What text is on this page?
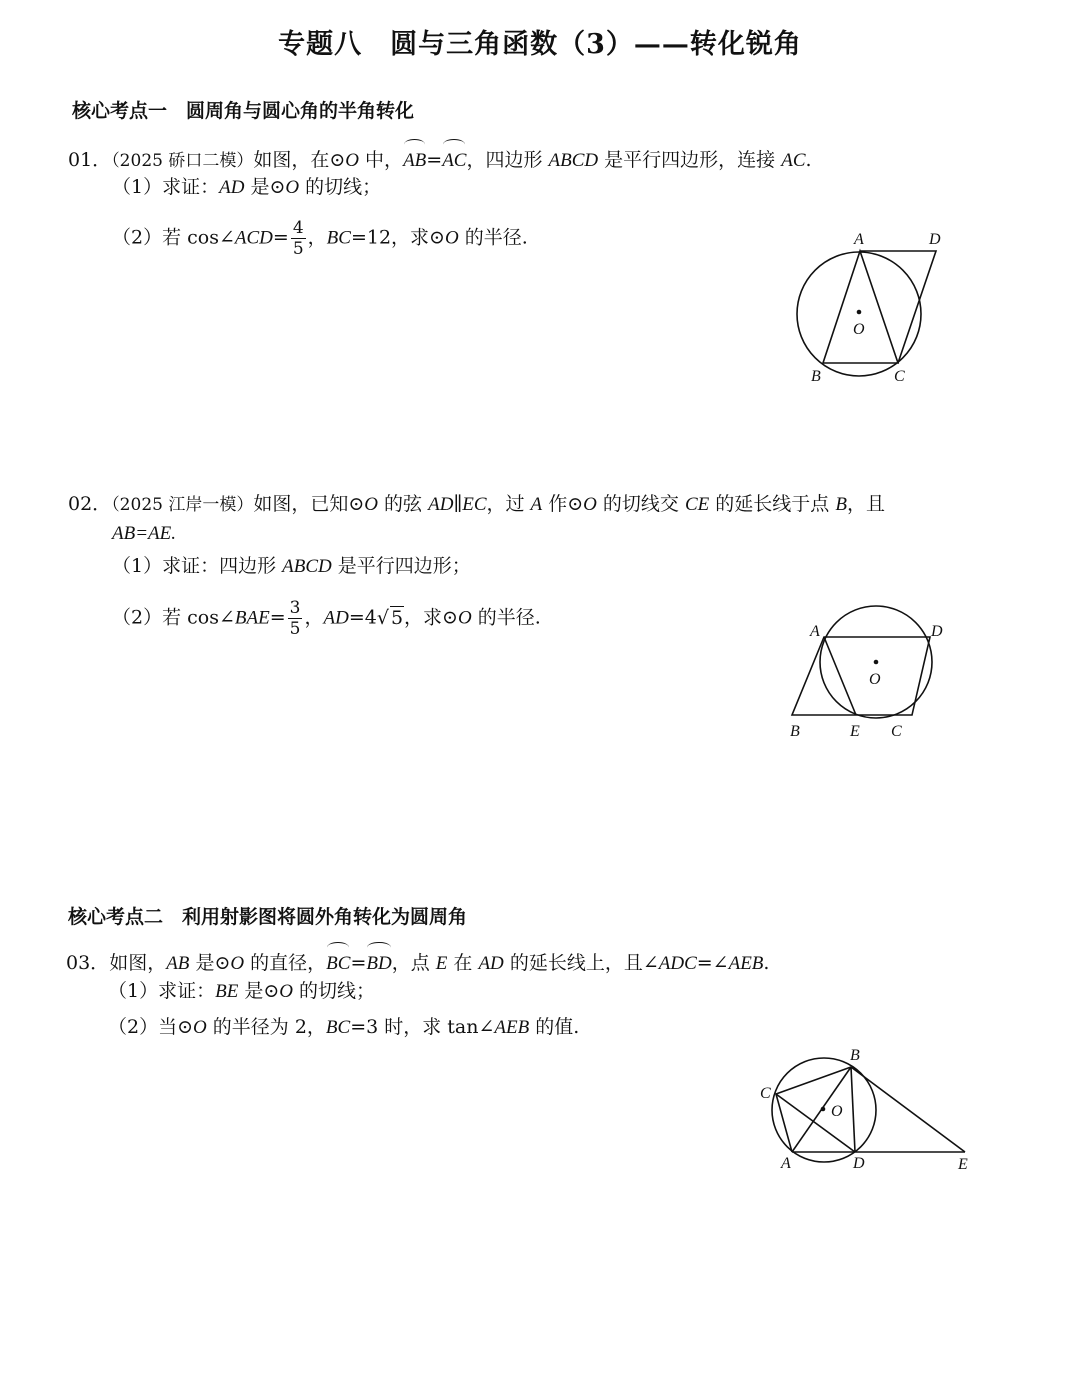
专题八　圆与三角函数（3）——转化锐角
核心考点一　圆周角与圆心角的半角转化
01．（2025 硚口二模）如图，在⊙O 中，AB=AC，四边形 ABCD 是平行四边形，连接 AC.
（1）求证：AD 是⊙O 的切线；
（2）若 cos∠ACD= $\frac{4}{5}$ ，BC=12，求⊙O 的半径.	A	D
O
B	C
02．（2025 江岸一模）如图，已知⊙O 的弦 AD∥EC，过 A 作⊙O 的切线交 CE 的延长线于点 B，且
AB=AE.
（1）求证：四边形 ABCD 是平行四边形；
（2）若 cos∠BAE= $\frac{3}{5}$ ，AD=4√ 5，求⊙O 的半径.
A	D
O
B	E C
核心考点二　利用射影图将圆外角转化为圆周角
03．如图，AB 是⊙O 的直径，BC=BD，点 E 在 AD 的延长线上，且∠ADC=∠AEB.
（1）求证：BE 是⊙O 的切线；
（2）当⊙O 的半径为 2，BC=3 时，求 tan∠AEB 的值.
B
C
O
A	D	E
